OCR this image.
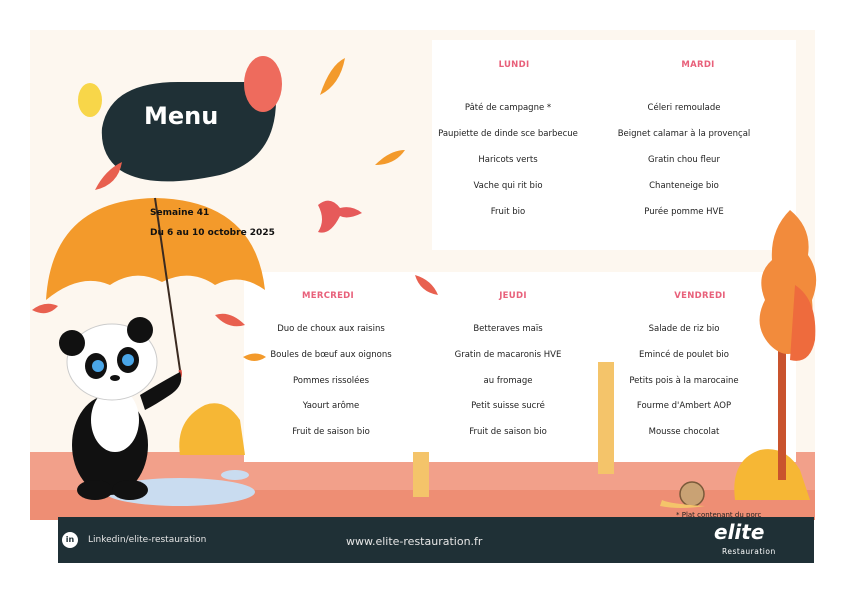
Menu
Semaine 41
Du 6 au 10 octobre 2025
LUNDI
Pâté de campagne *
Paupiette de dinde sce barbecue
Haricots verts
Vache qui rit bio
Fruit bio
MARDI
Céleri remoulade
Beignet calamar à la provençal
Gratin chou fleur
Chanteneige bio
Purée pomme HVE
MERCREDI
Duo de choux aux raisins
Boules de bœuf aux oignons
Pommes rissolées
Yaourt arôme
Fruit de saison bio
JEUDI
Betteraves maïs
Gratin de macaronis HVE
au fromage
Petit suisse sucré
Fruit de saison bio
VENDREDI
Salade de riz bio
Emincé de poulet bio
Petits pois à la marocaine
Fourme d'Ambert AOP
Mousse chocolat
in	Linkedin/elite-restauration	www.elite-restauration.fr
* Plat contenant du porc
elite
Restauration
